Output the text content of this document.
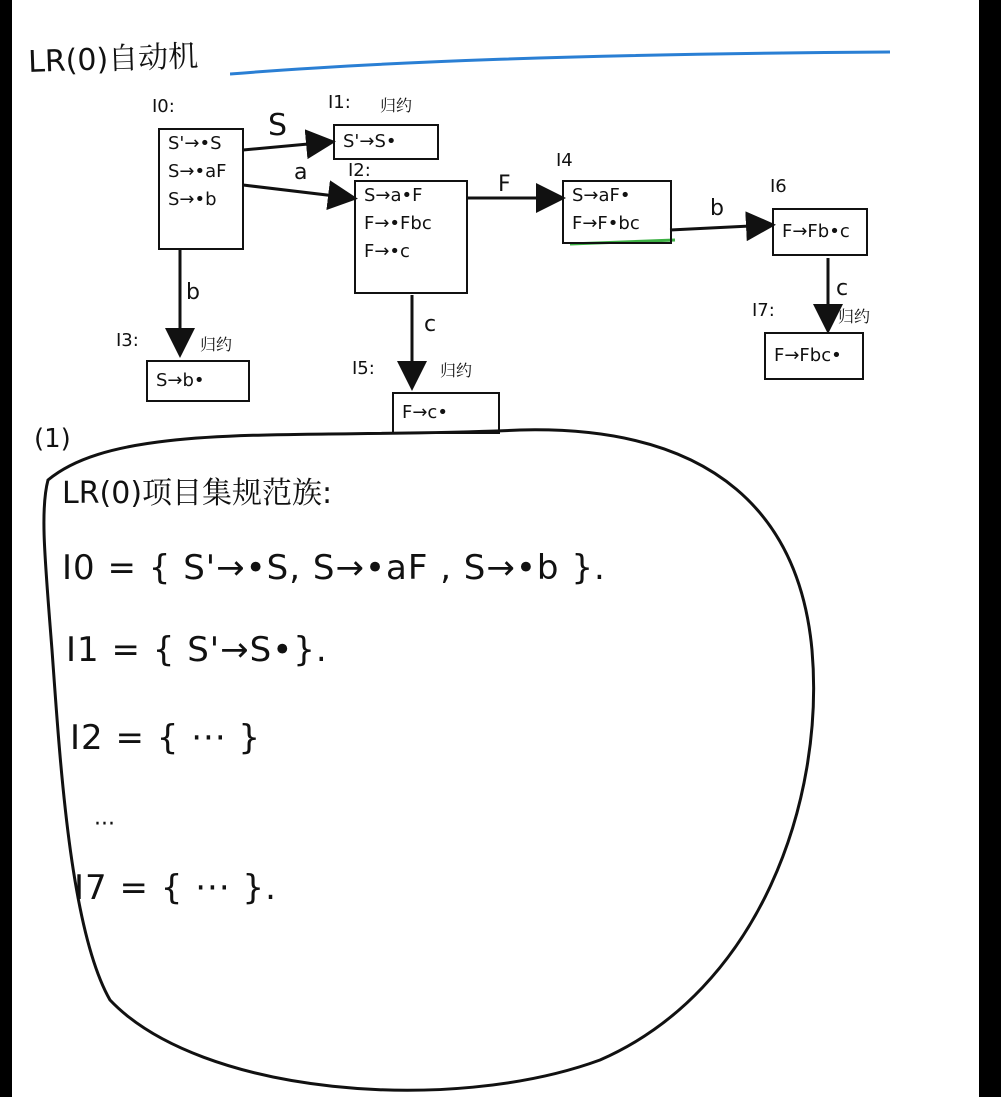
LR(0)自动机
I0:
S'→•S
S→•aF
S→•b
I1: 归约
S'→S•
I2:
S→a•F
F→•Fbc
F→•c
I3:	归约
S→b•
I4
S→aF•
F→F•bc
I5:	归约
F→c•
I6
F→Fb•c
I7:	归约
F→Fbc•
S
a
b
F
c
b
c
(1)
LR(0)项目集规范族:
I0 = { S'→•S, S→•aF , S→•b }.
I1 = { S'→S•}.
I2 = { ··· }
···
I7 = { ··· }.
